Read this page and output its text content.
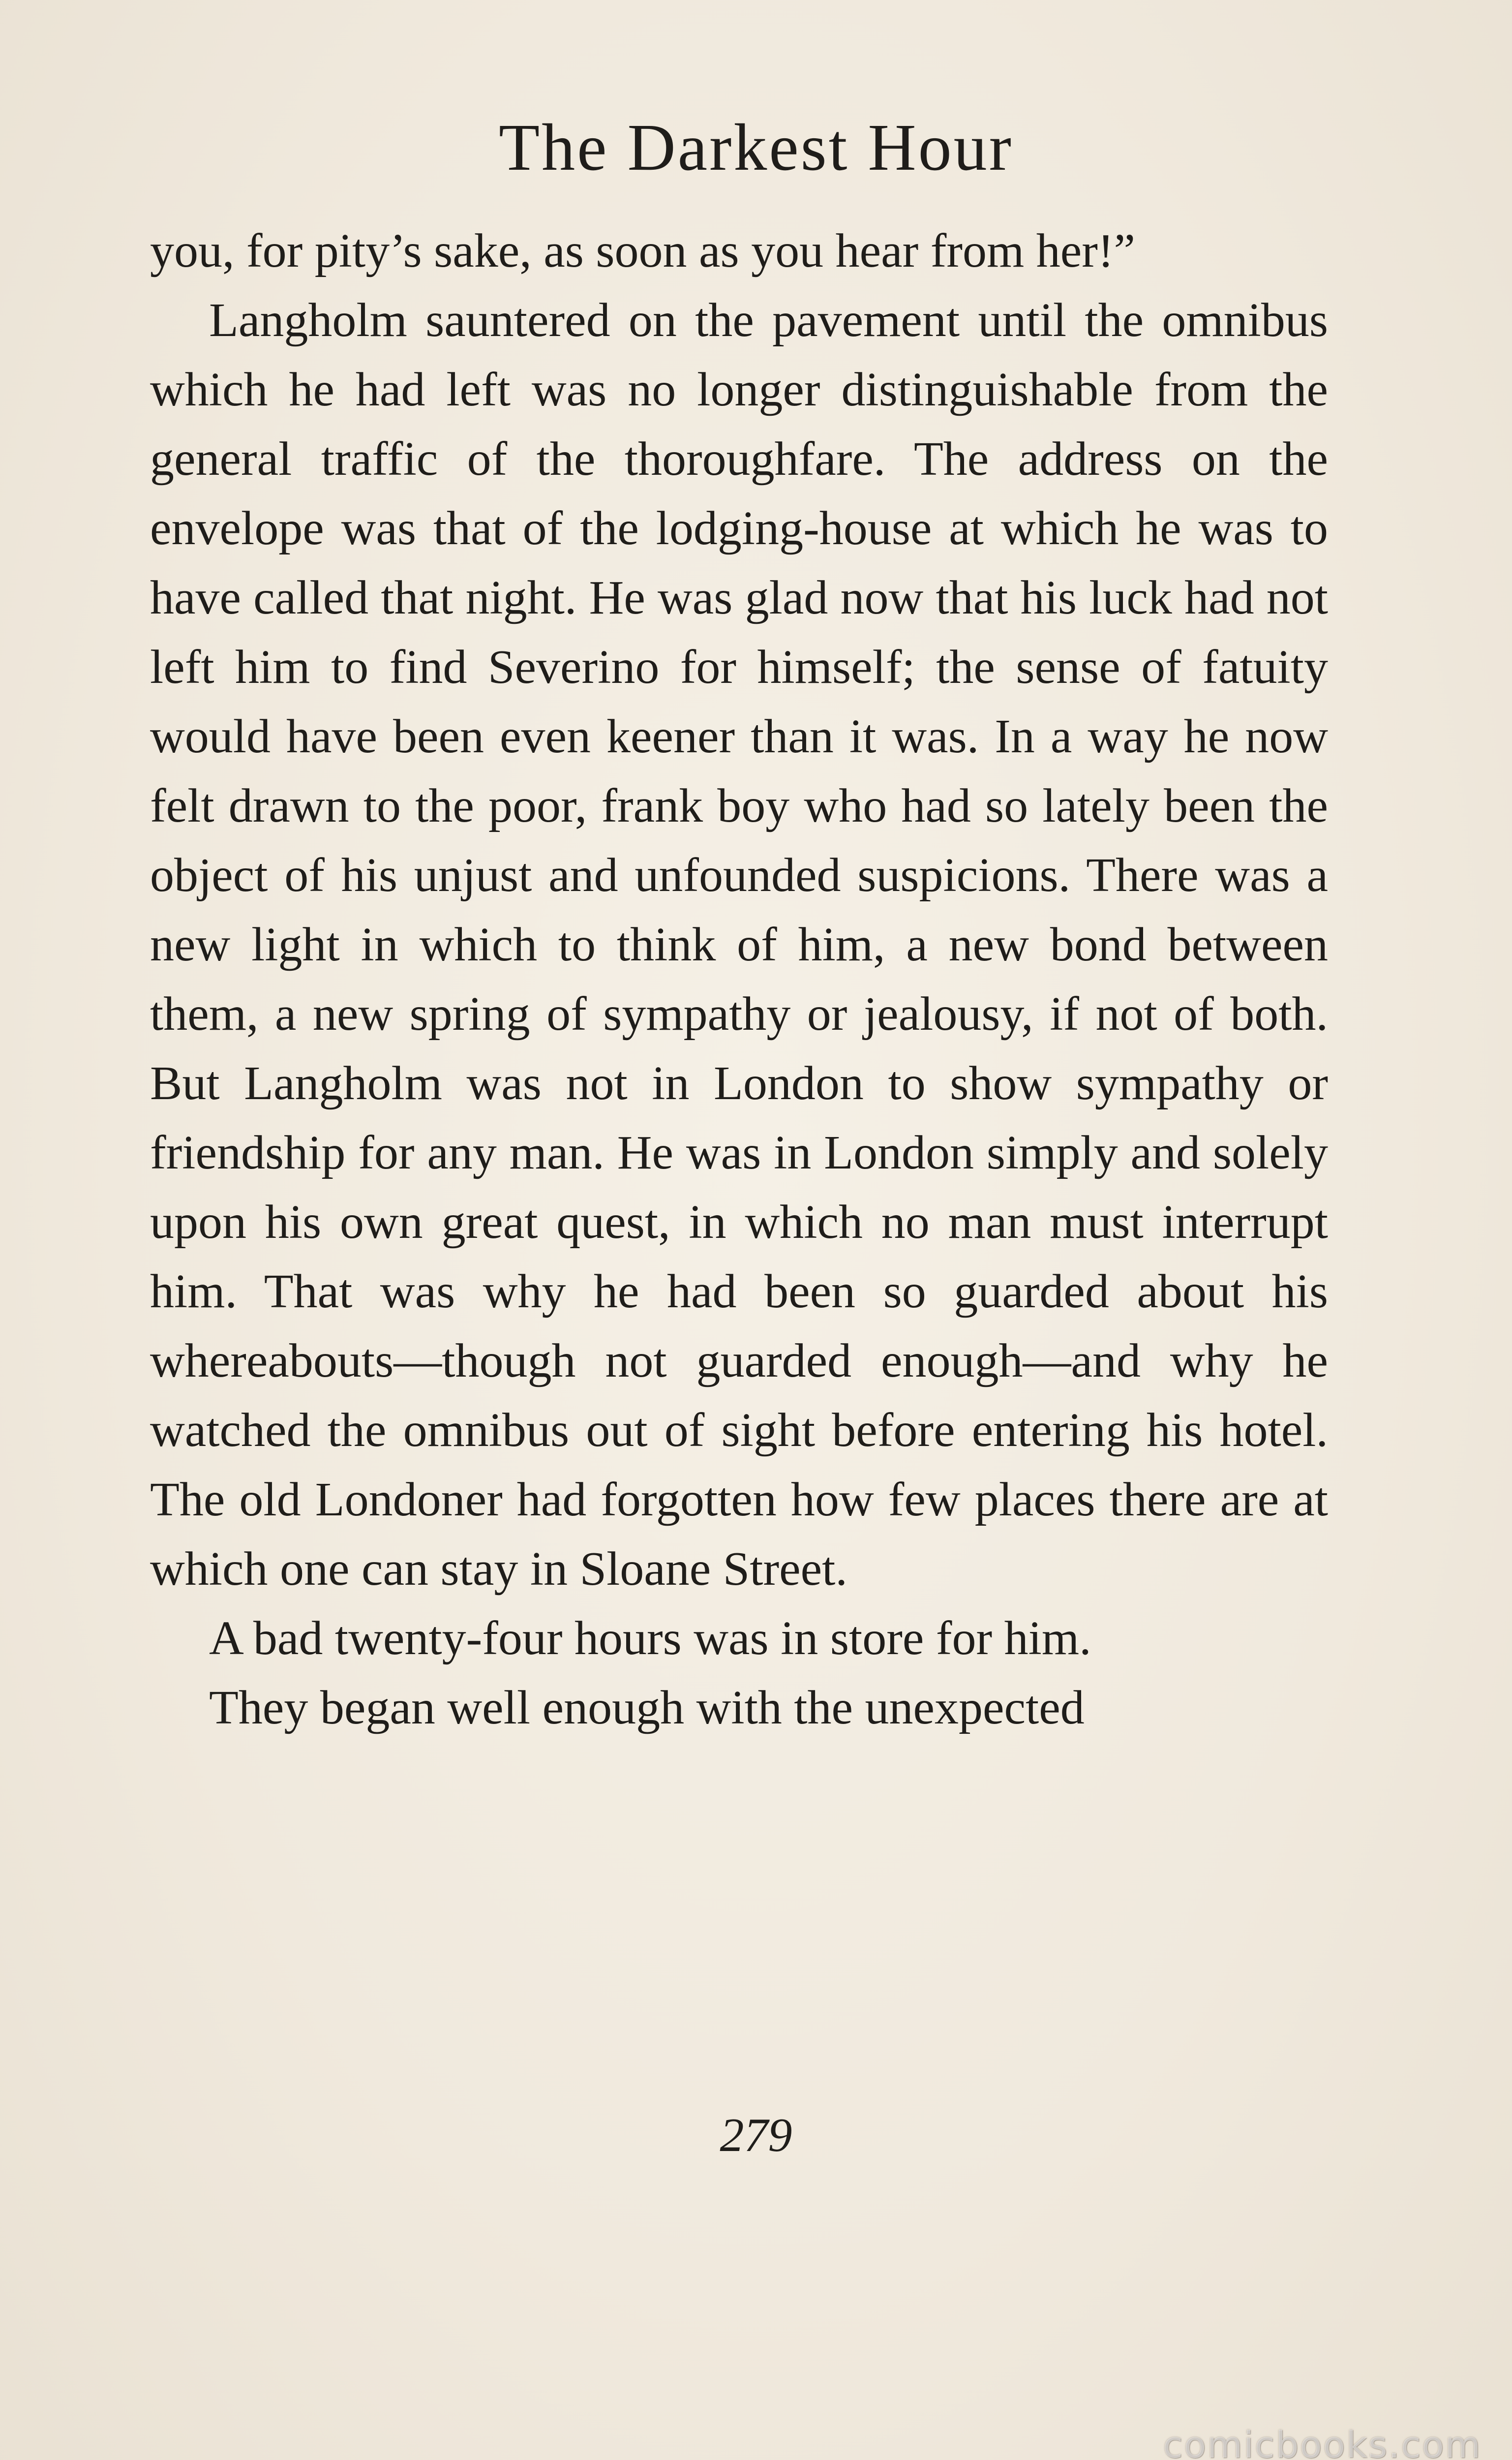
The Darkest Hour

you, for pity’s sake, as soon as you hear from her!”

Langholm sauntered on the pavement until the omnibus which he had left was no longer distinguishable from the general traffic of the thoroughfare. The address on the envelope was that of the lodging-house at which he was to have called that night. He was glad now that his luck had not left him to find Severino for himself; the sense of fatuity would have been even keener than it was. In a way he now felt drawn to the poor, frank boy who had so lately been the object of his unjust and unfounded suspicions. There was a new light in which to think of him, a new bond between them, a new spring of sympathy or jealousy, if not of both. But Langholm was not in London to show sympathy or friendship for any man. He was in London simply and solely upon his own great quest, in which no man must interrupt him. That was why he had been so guarded about his whereabouts—though not guarded enough—and why he watched the omnibus out of sight before entering his hotel. The old Londoner had forgotten how few places there are at which one can stay in Sloane Street.

A bad twenty-four hours was in store for him.

They began well enough with the unexpected

279
comicbooks.com
